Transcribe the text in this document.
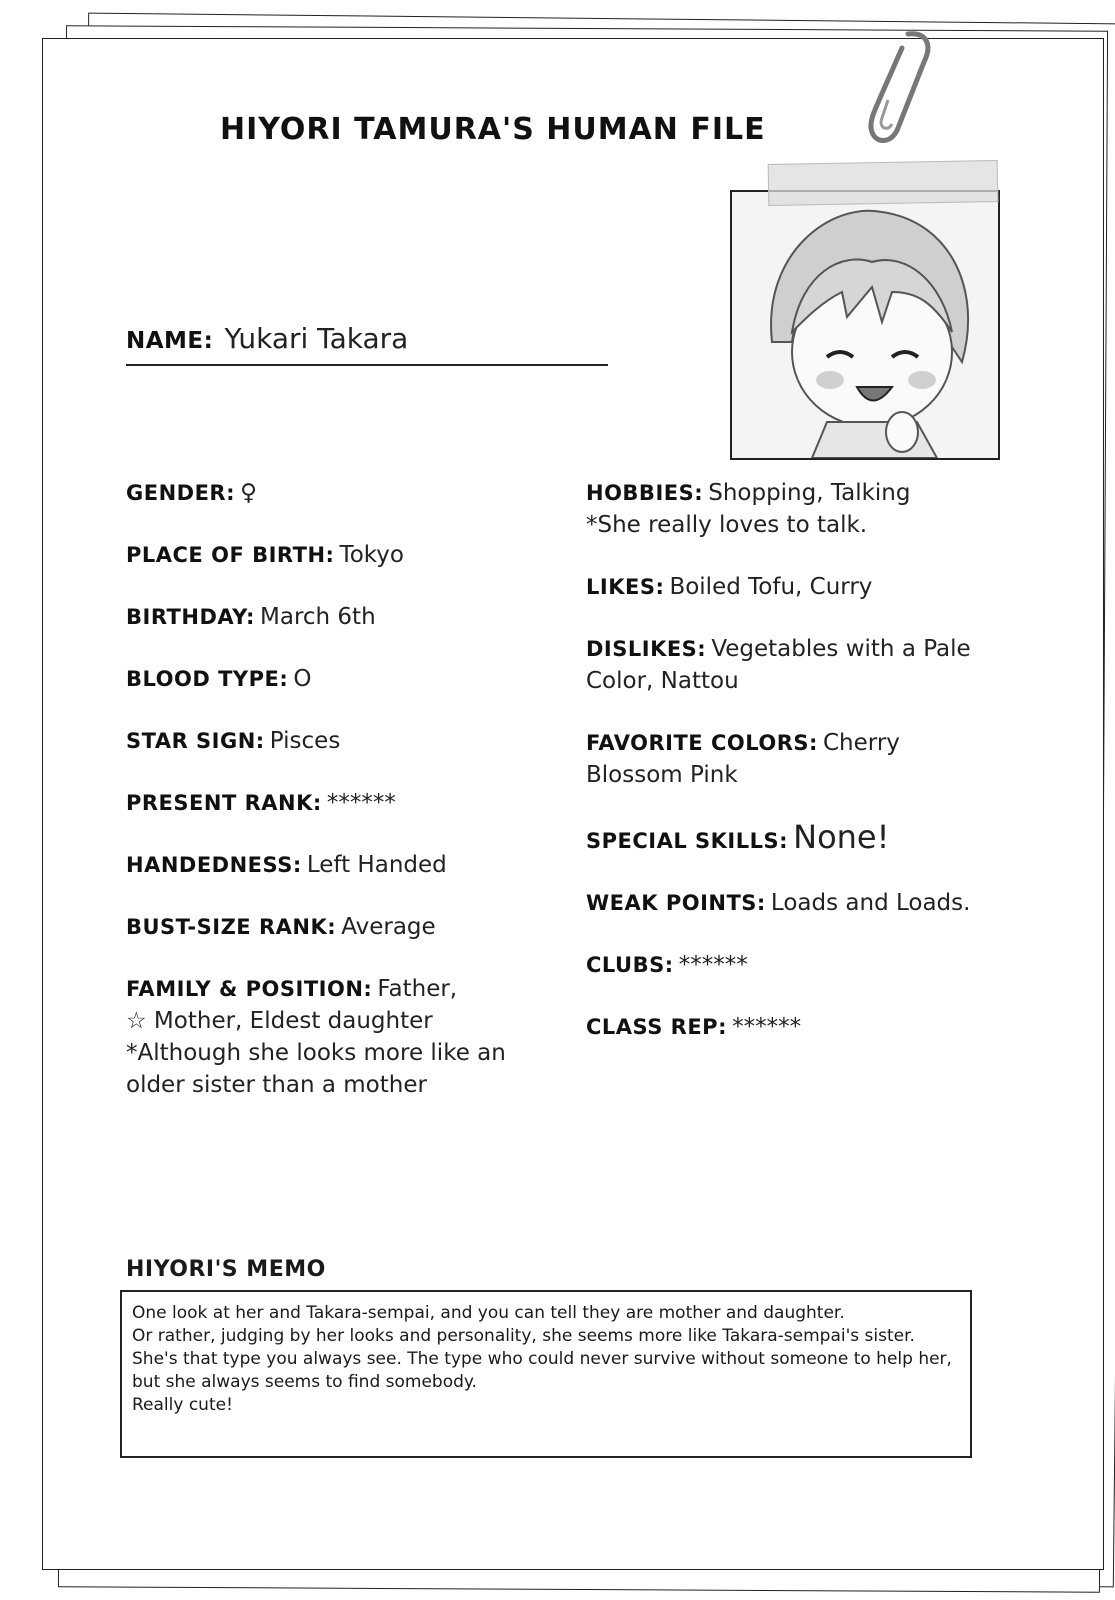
HIYORI TAMURA'S HUMAN FILE
NAME: Yukari Takara

GENDER: ♀

PLACE OF BIRTH: Tokyo

BIRTHDAY: March 6th

BLOOD TYPE: O

STAR SIGN: Pisces

PRESENT RANK: ******

HANDEDNESS: Left Handed

BUST-SIZE RANK: Average

FAMILY & POSITION: Father,
☆ Mother, Eldest daughter
*Although she looks more like an older sister than a mother

HOBBIES: Shopping, Talking
*She really loves to talk.

LIKES: Boiled Tofu, Curry

DISLIKES: Vegetables with a Pale Color, Nattou

FAVORITE COLORS: Cherry Blossom Pink

SPECIAL SKILLS: None!

WEAK POINTS: Loads and Loads.

CLUBS: ******

CLASS REP: ******

HIYORI'S MEMO

One look at her and Takara-sempai, and you can tell they are mother and daughter.

Or rather, judging by her looks and personality, she seems more like Takara-sempai's sister.

She's that type you always see. The type who could never survive without someone to help her, but she always seems to find somebody.

Really cute!
